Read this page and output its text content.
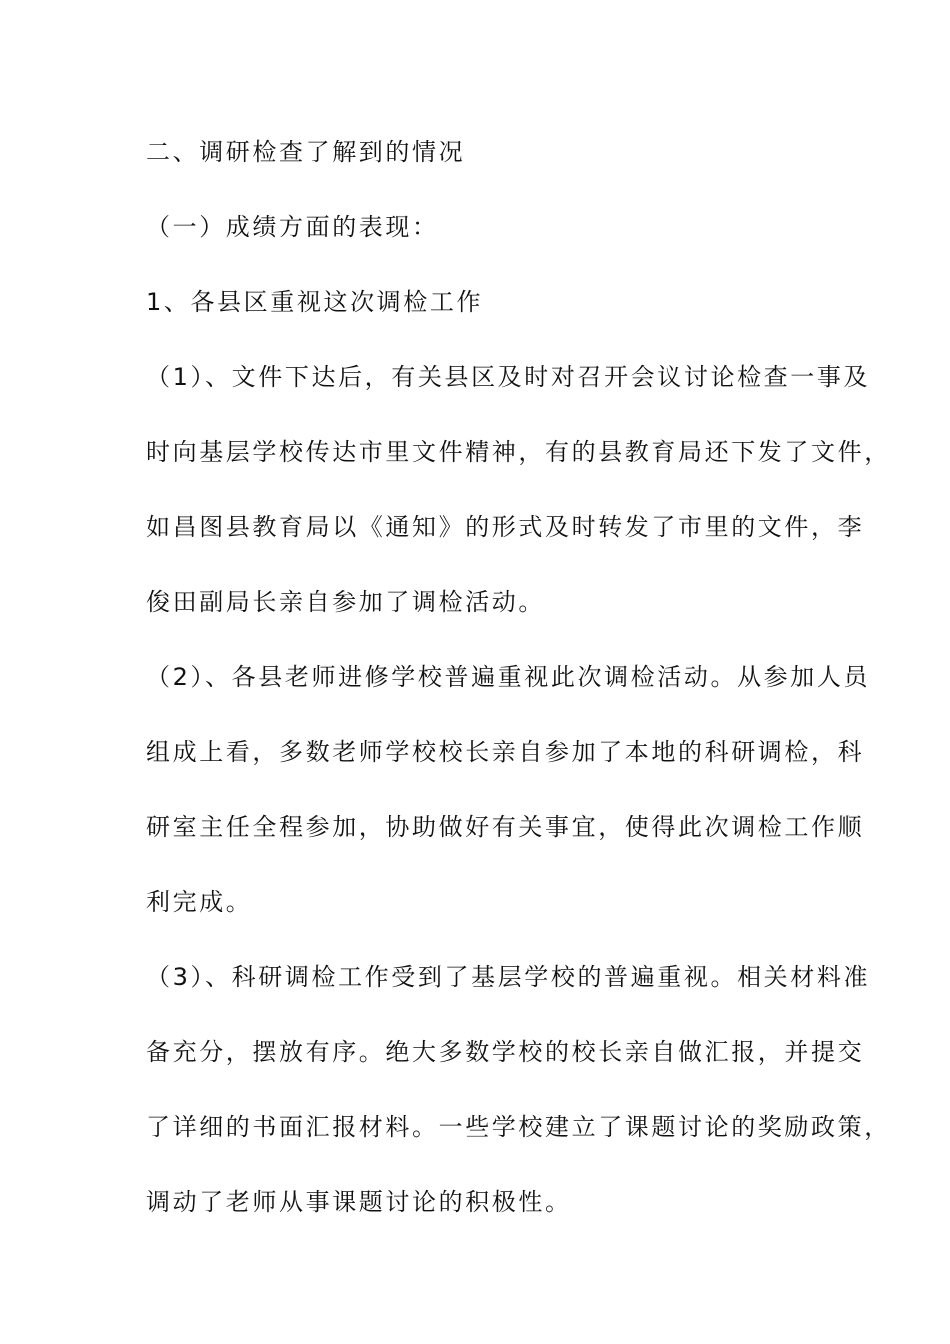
二、调研检查了解到的情况
（一）成绩方面的表现：
1、各县区重视这次调检工作
（1）、文件下达后，有关县区及时对召开会议讨论检查一事及
时向基层学校传达市里文件精神，有的县教育局还下发了文件，
如昌图县教育局以《通知》的形式及时转发了市里的文件，李
俊田副局长亲自参加了调检活动。
（2）、各县老师进修学校普遍重视此次调检活动。从参加人员
组成上看，多数老师学校校长亲自参加了本地的科研调检，科
研室主任全程参加，协助做好有关事宜，使得此次调检工作顺
利完成。
（3）、科研调检工作受到了基层学校的普遍重视。相关材料准
备充分，摆放有序。绝大多数学校的校长亲自做汇报，并提交
了详细的书面汇报材料。一些学校建立了课题讨论的奖励政策，
调动了老师从事课题讨论的积极性。
